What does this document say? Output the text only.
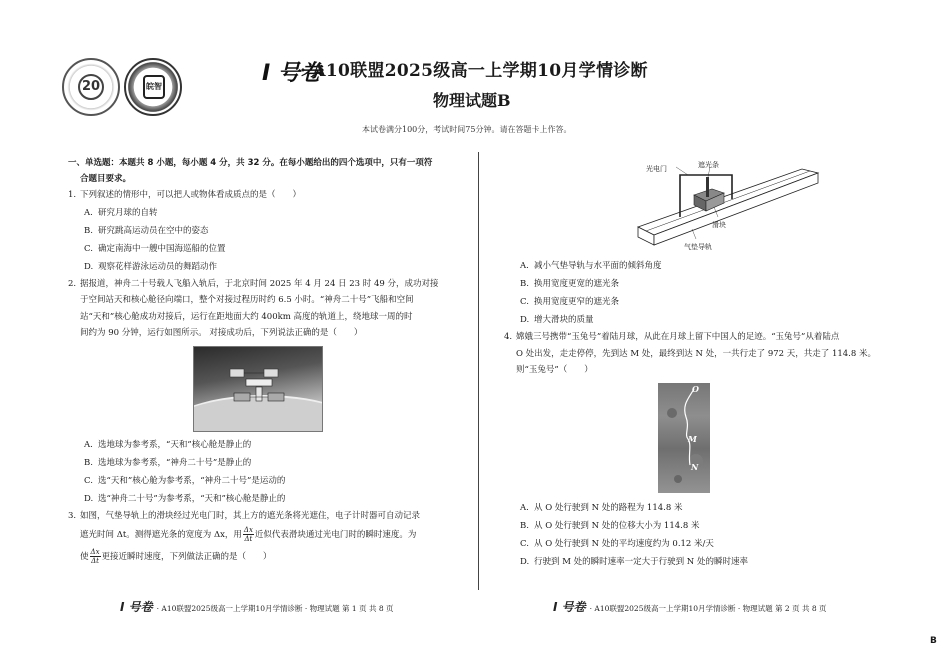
20	皖智
Ⅰ 号卷
· A10联盟2025级高一上学期10月学情诊断
物理试题B
本试卷满分100分，考试时间75分钟。请在答题卡上作答。
一、单选题：本题共 8 小题，每小题 4 分，共 32 分。在每小题给出的四个选项中，只有一项符
合题目要求。
1. 下列叙述的情形中，可以把人或物体看成质点的是（　　）
A. 研究月球的自转
B. 研究跳高运动员在空中的姿态
C. 确定南海中一艘中国海巡船的位置
D. 观察花样游泳运动员的舞蹈动作
2. 据报道，神舟二十号载人飞船入轨后，于北京时间 2025 年 4 月 24 日 23 时 49 分，成功对接
于空间站天和核心舱径向端口，整个对接过程历时约 6.5 小时。“神舟二十号”飞船和空间
站“天和”核心舱成功对接后，运行在距地面大约 400km 高度的轨道上，绕地球一周的时
间约为 90 分钟，运行如图所示。 对接成功后，下列说法正确的是（　　）
A. 选地球为参考系，“天和”核心舱是静止的
B. 选地球为参考系，“神舟二十号”是静止的
C. 选“天和”核心舱为参考系，“神舟二十号”是运动的
D. 选“神舟二十号”为参考系，“天和”核心舱是静止的
3. 如图，气垫导轨上的滑块经过光电门时，其上方的遮光条将光遮住，电子计时器可自动记录
遮光时间 Δt。测得遮光条的宽度为 Δx，用 $\frac{\Delta x}{\Delta t}$ 近似代表滑块通过光电门时的瞬时速度。为
使 $\frac{\Delta x}{\Delta t}$ 更接近瞬时速度，下列做法正确的是（　　）
光电门	遮光条
滑块
气垫导轨
A. 减小气垫导轨与水平面的倾斜角度
B. 换用宽度更宽的遮光条
C. 换用宽度更窄的遮光条
D. 增大滑块的质量
4. 嫦娥三号携带“玉兔号”着陆月球，从此在月球上留下中国人的足迹。“玉兔号”从着陆点
O 处出发，走走停停，先到达 M 处，最终到达 N 处，一共行走了 972 天，共走了 114.8 米。
则“玉兔号”（　　）
O
M
N
A. 从 O 处行驶到 N 处的路程为 114.8 米
B. 从 O 处行驶到 N 处的位移大小为 114.8 米
C. 从 O 处行驶到 N 处的平均速度约为 0.12 米/天
D. 行驶到 M 处的瞬时速率一定大于行驶到 N 处的瞬时速率
Ⅰ 号卷 · A10联盟2025级高一上学期10月学情诊断 · 物理试题 第 1 页 共 8 页	Ⅰ 号卷 · A10联盟2025级高一上学期10月学情诊断 · 物理试题 第 2 页 共 8 页
B
